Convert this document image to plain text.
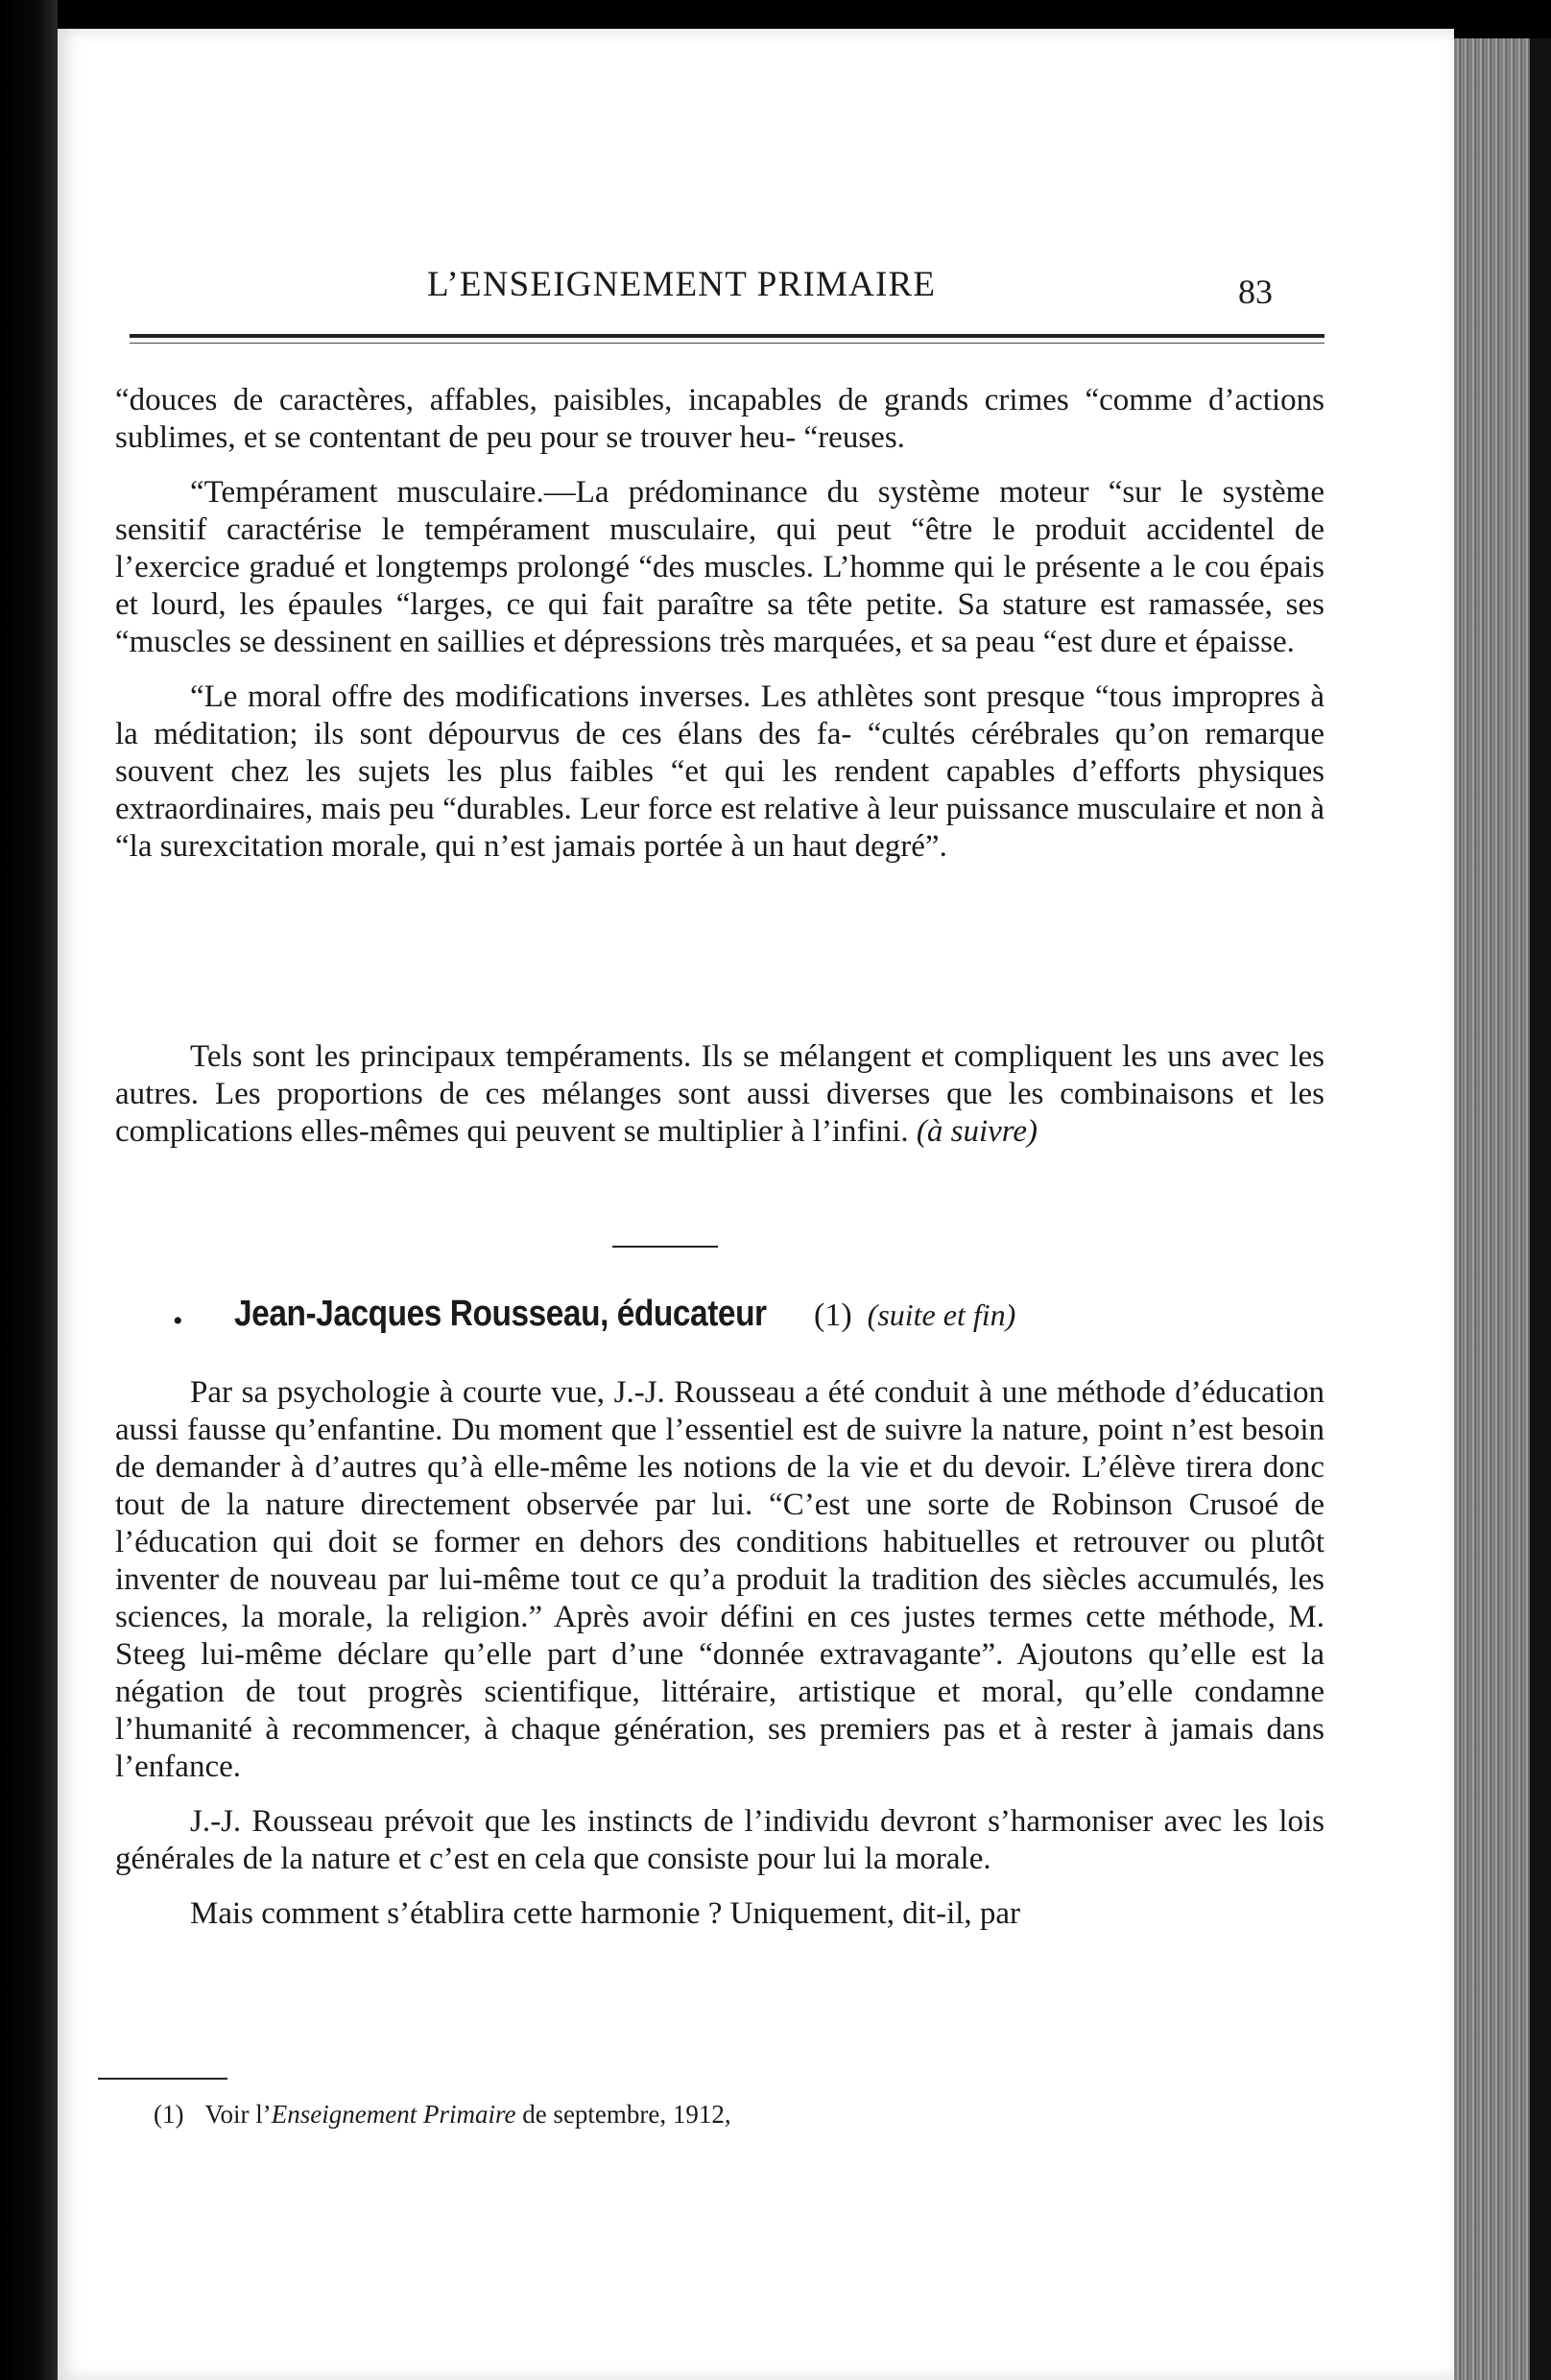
L’ENSEIGNEMENT PRIMAIRE	83

“douces de caractères, affables, paisibles, incapables de grands crimes “comme d’actions sublimes, et se contentant de peu pour se trouver heu- “reuses.

“Tempérament musculaire.—La prédominance du système moteur “sur le système sensitif caractérise le tempérament musculaire, qui peut “être le produit accidentel de l’exercice gradué et longtemps prolongé “des muscles. L’homme qui le présente a le cou épais et lourd, les épaules “larges, ce qui fait paraître sa tête petite. Sa stature est ramassée, ses “muscles se dessinent en saillies et dépressions très marquées, et sa peau “est dure et épaisse.

“Le moral offre des modifications inverses. Les athlètes sont presque “tous impropres à la méditation; ils sont dépourvus de ces élans des fa- “cultés cérébrales qu’on remarque souvent chez les sujets les plus faibles “et qui les rendent capables d’efforts physiques extraordinaires, mais peu “durables. Leur force est relative à leur puissance musculaire et non à “la surexcitation morale, qui n’est jamais portée à un haut degré”.

Tels sont les principaux tempéraments. Ils se mélangent et compliquent les uns avec les autres. Les proportions de ces mélanges sont aussi diverses que les combinaisons et les complications elles-mêmes qui peuvent se multiplier à l’infini. (à suivre)

• Jean-Jacques Rousseau, éducateur (1) (suite et fin)

Par sa psychologie à courte vue, J.-J. Rousseau a été conduit à une méthode d’éducation aussi fausse qu’enfantine. Du moment que l’essentiel est de suivre la nature, point n’est besoin de demander à d’autres qu’à elle-même les notions de la vie et du devoir. L’élève tirera donc tout de la nature directement observée par lui. “C’est une sorte de Robinson Crusoé de l’éducation qui doit se former en dehors des conditions habituelles et retrouver ou plutôt inventer de nouveau par lui-même tout ce qu’a produit la tradition des siècles accumulés, les sciences, la morale, la religion.” Après avoir défini en ces justes termes cette méthode, M. Steeg lui-même déclare qu’elle part d’une “donnée extravagante”. Ajoutons qu’elle est la négation de tout progrès scientifique, littéraire, artistique et moral, qu’elle condamne l’humanité à recommencer, à chaque génération, ses premiers pas et à rester à jamais dans l’enfance.

J.-J. Rousseau prévoit que les instincts de l’individu devront s’harmoniser avec les lois générales de la nature et c’est en cela que consiste pour lui la morale.

Mais comment s’établira cette harmonie ? Uniquement, dit-il, par

(1) Voir l’Enseignement Primaire de septembre, 1912,
